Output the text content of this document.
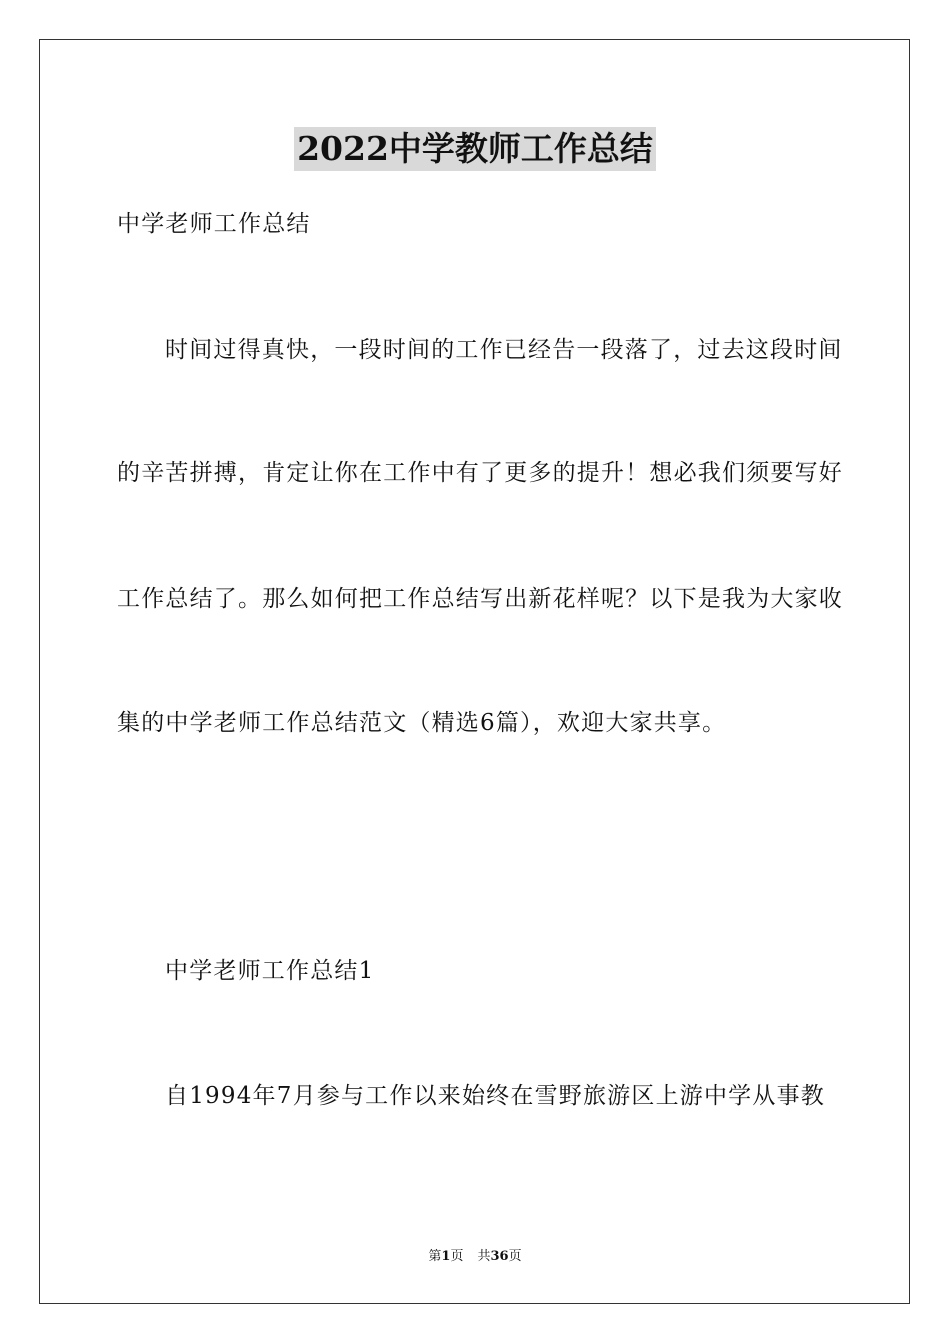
2022中学教师工作总结
中学老师工作总结
时间过得真快，一段时间的工作已经告一段落了，过去这段时间
的辛苦拼搏，肯定让你在工作中有了更多的提升！想必我们须要写好
工作总结了。那么如何把工作总结写出新花样呢？以下是我为大家收
集的中学老师工作总结范文（精选6篇），欢迎大家共享。
中学老师工作总结1
自1994年7月参与工作以来始终在雪野旅游区上游中学从事教
第1页 共36页
